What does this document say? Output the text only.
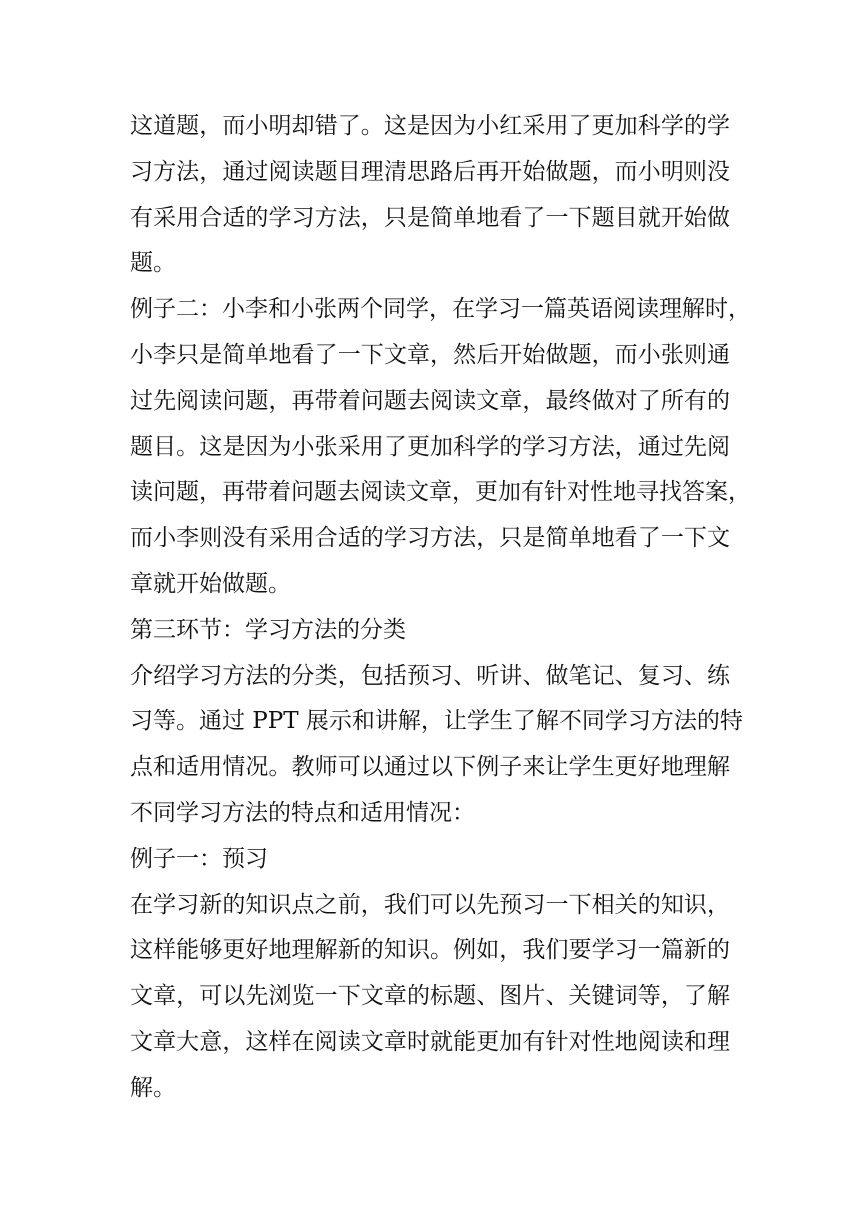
这道题，而小明却错了。这是因为小红采用了更加科学的学
习方法，通过阅读题目理清思路后再开始做题，而小明则没
有采用合适的学习方法，只是简单地看了一下题目就开始做
题。
例子二：小李和小张两个同学，在学习一篇英语阅读理解时，
小李只是简单地看了一下文章，然后开始做题，而小张则通
过先阅读问题，再带着问题去阅读文章，最终做对了所有的
题目。这是因为小张采用了更加科学的学习方法，通过先阅
读问题，再带着问题去阅读文章，更加有针对性地寻找答案，
而小李则没有采用合适的学习方法，只是简单地看了一下文
章就开始做题。
第三环节：学习方法的分类
介绍学习方法的分类，包括预习、听讲、做笔记、复习、练
习等。通过 PPT 展示和讲解，让学生了解不同学习方法的特
点和适用情况。教师可以通过以下例子来让学生更好地理解
不同学习方法的特点和适用情况：
例子一：预习
在学习新的知识点之前，我们可以先预习一下相关的知识，
这样能够更好地理解新的知识。例如，我们要学习一篇新的
文章，可以先浏览一下文章的标题、图片、关键词等，了解
文章大意，这样在阅读文章时就能更加有针对性地阅读和理
解。
